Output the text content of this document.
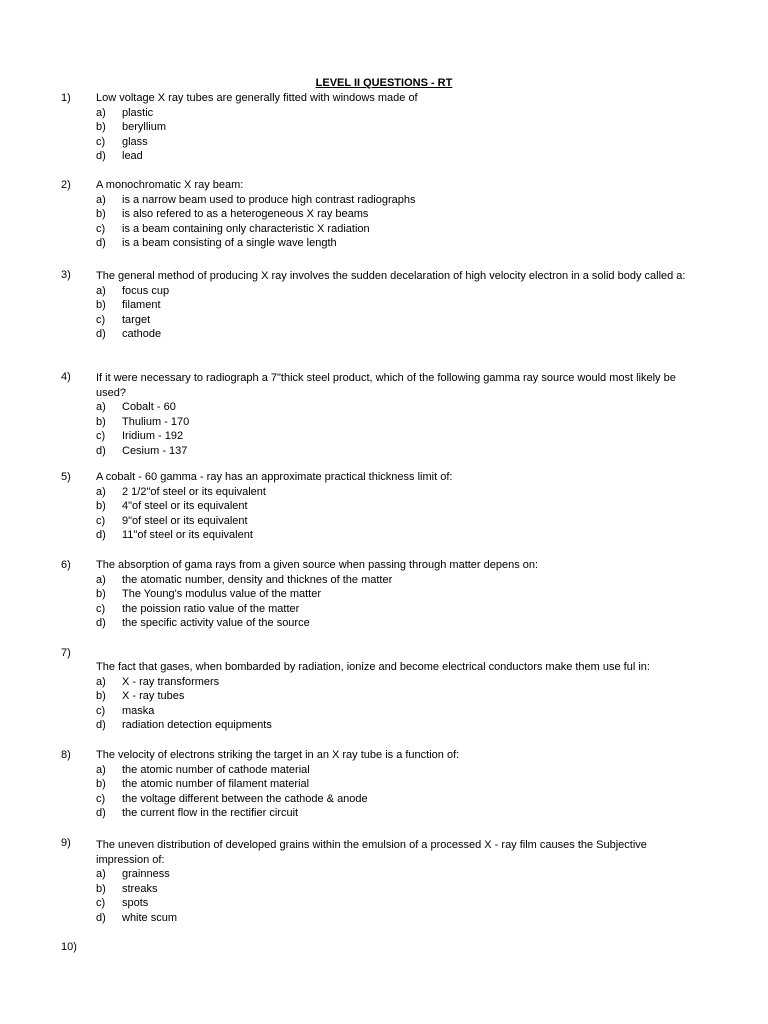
LEVEL II QUESTIONS - RT
1) Low voltage X ray tubes are generally fitted with windows made of
a) plastic
b) beryllium
c) glass
d) lead
2) A monochromatic X ray beam:
a) is a narrow beam used to produce high contrast radiographs
b) is also refered to as a heterogeneous X ray beams
c) is a beam containing only characteristic X radiation
d) is a beam consisting of a single wave length
3) The general method of producing X ray involves the sudden decelaration of high velocity electron in a solid body called a:
a) focus cup
b) filament
c) target
d) cathode
4) If it were necessary to radiograph a 7"thick steel product, which of the following gamma ray source would most likely be used?
a) Cobalt - 60
b) Thulium - 170
c) Iridium - 192
d) Cesium - 137
5) A cobalt - 60 gamma - ray has an approximate practical thickness limit of:
a) 2 1/2"of steel or its equivalent
b) 4"of steel or its equivalent
c) 9"of steel or its equivalent
d) 11"of steel or its equivalent
6) The absorption of gama rays from a given source when passing through matter depens on:
a) the atomatic number, density and thicknes of the matter
b) The Young's modulus value of the matter
c) the poission ratio value of the matter
d) the specific activity value of the source
7)
The fact that gases, when bombarded by radiation, ionize and become electrical conductors make them use ful in:
a) X - ray transformers
b) X - ray tubes
c) maska
d) radiation detection equipments
8) The velocity of electrons striking the target in an X ray tube is a function of:
a) the atomic number of cathode material
b) the atomic number of filament material
c) the voltage different between the cathode & anode
d) the current flow in the rectifier circuit
9) The uneven distribution of developed grains within the emulsion of a processed X - ray film causes the Subjective impression of:
a) grainness
b) streaks
c) spots
d) white scum
10)
